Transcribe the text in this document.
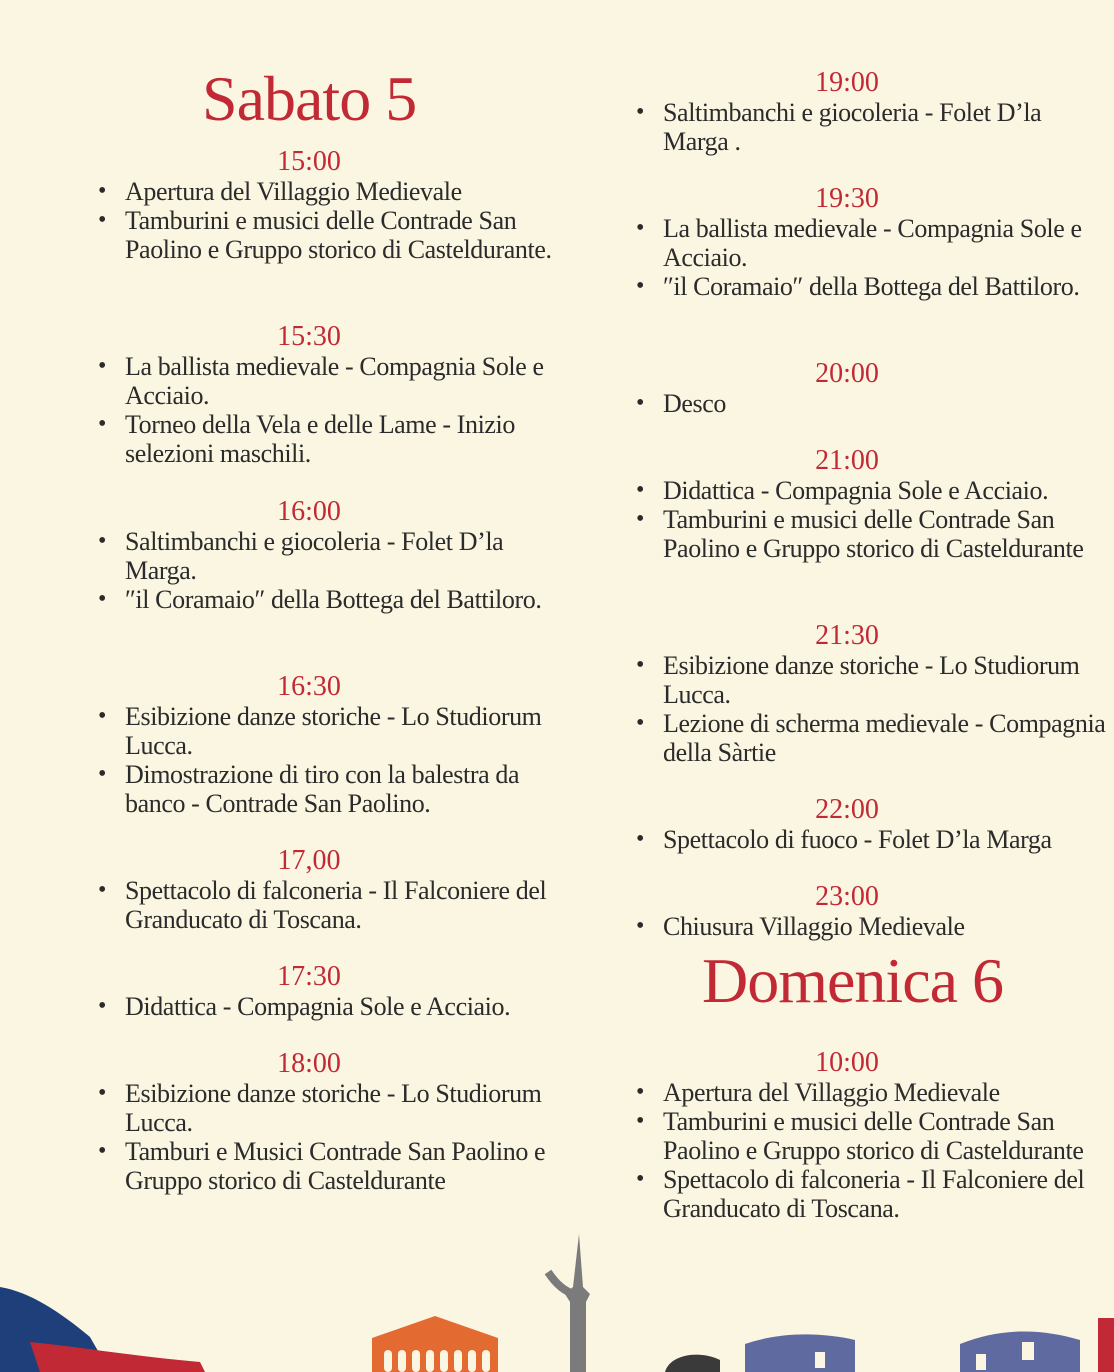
Sabato 5
15:00
• Apertura del Villaggio Medievale
• Tamburini e musici delle Contrade San Paolino e Gruppo storico di Casteldurante.
15:30
• La ballista medievale - Compagnia Sole e Acciaio.
• Torneo della Vela e delle Lame - Inizio selezioni maschili.
16:00
• Saltimbanchi e giocoleria - Folet D’la Marga.
• ″il Coramaio″ della Bottega del Battiloro.
16:30
• Esibizione danze storiche - Lo Studiorum Lucca.
• Dimostrazione di tiro con la balestra da banco - Contrade San Paolino.
17,00
• Spettacolo di falconeria - Il Falconiere del Granducato di Toscana.
17:30
• Didattica - Compagnia Sole e Acciaio.
18:00
• Esibizione danze storiche - Lo Studiorum Lucca.
• Tamburi e Musici Contrade San Paolino e Gruppo storico di Casteldurante
19:00
• Saltimbanchi e giocoleria - Folet D’la Marga .
19:30
• La ballista medievale - Compagnia Sole e Acciaio.
• ″il Coramaio″ della Bottega del Battiloro.
20:00
• Desco
21:00
• Didattica - Compagnia Sole e Acciaio.
• Tamburini e musici delle Contrade San Paolino e Gruppo storico di Casteldurante
21:30
• Esibizione danze storiche - Lo Studiorum Lucca.
• Lezione di scherma medievale - Compagnia della Sàrtie
22:00
• Spettacolo di fuoco - Folet D’la Marga
23:00
• Chiusura Villaggio Medievale
Domenica 6
10:00
• Apertura del Villaggio Medievale
• Tamburini e musici delle Contrade San Paolino e Gruppo storico di Casteldurante
• Spettacolo di falconeria - Il Falconiere del Granducato di Toscana.
